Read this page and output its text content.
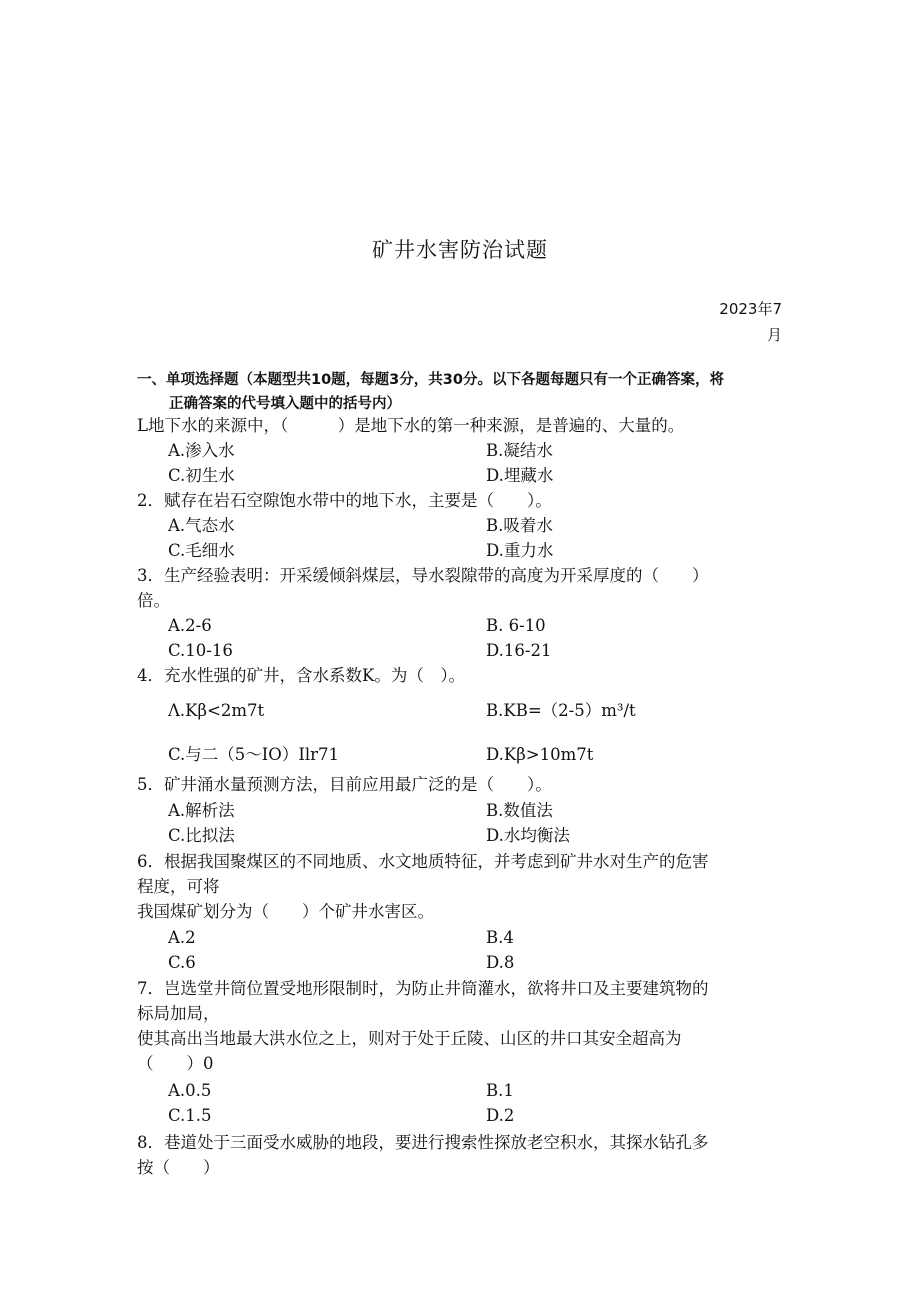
矿井水害防治试题
2023年7
月
一、单项选择题（本题型共10题，每题3分，共30分。以下各题每题只有一个正确答案，将
正确答案的代号填入题中的括号内）
L地下水的来源中，（　　　）是地下水的第一种来源，是普遍的、大量的。
A.渗入水	B.凝结水
C.初生水	D.埋藏水
2．赋存在岩石空隙饱水带中的地下水，主要是（　　）。
A.气态水	B.吸着水
C.毛细水	D.重力水
3．生产经验表明：开采缓倾斜煤层，导水裂隙带的高度为开采厚度的（　　）
倍。
A.2-6	B. 6-10
C.10-16	D.16-21
4．充水性强的矿井，含水系数K。为（　）。
Λ.Kβ<2m7t	B.KB=（2-5）m³/t
C.与二（5～IO）Ilr71	D.Kβ>10m7t
5．矿井涌水量预测方法，目前应用最广泛的是（　　）。
A.解析法	B.数值法
C.比拟法	D.水均衡法
6．根据我国聚煤区的不同地质、水文地质特征，并考虑到矿井水对生产的危害
程度，可将
我国煤矿划分为（　　）个矿井水害区。
A.2	B.4
C.6	D.8
7．岂选堂井筒位置受地形限制时，为防止井筒灌水，欲将井口及主要建筑物的
标局加局，
使其高出当地最大洪水位之上，则对于处于丘陵、山区的井口其安全超高为
（　　）0
A.0.5	B.1
C.1.5	D.2
8．巷道处于三面受水威胁的地段，要进行搜索性探放老空积水，其探水钻孔多
按（　　）
